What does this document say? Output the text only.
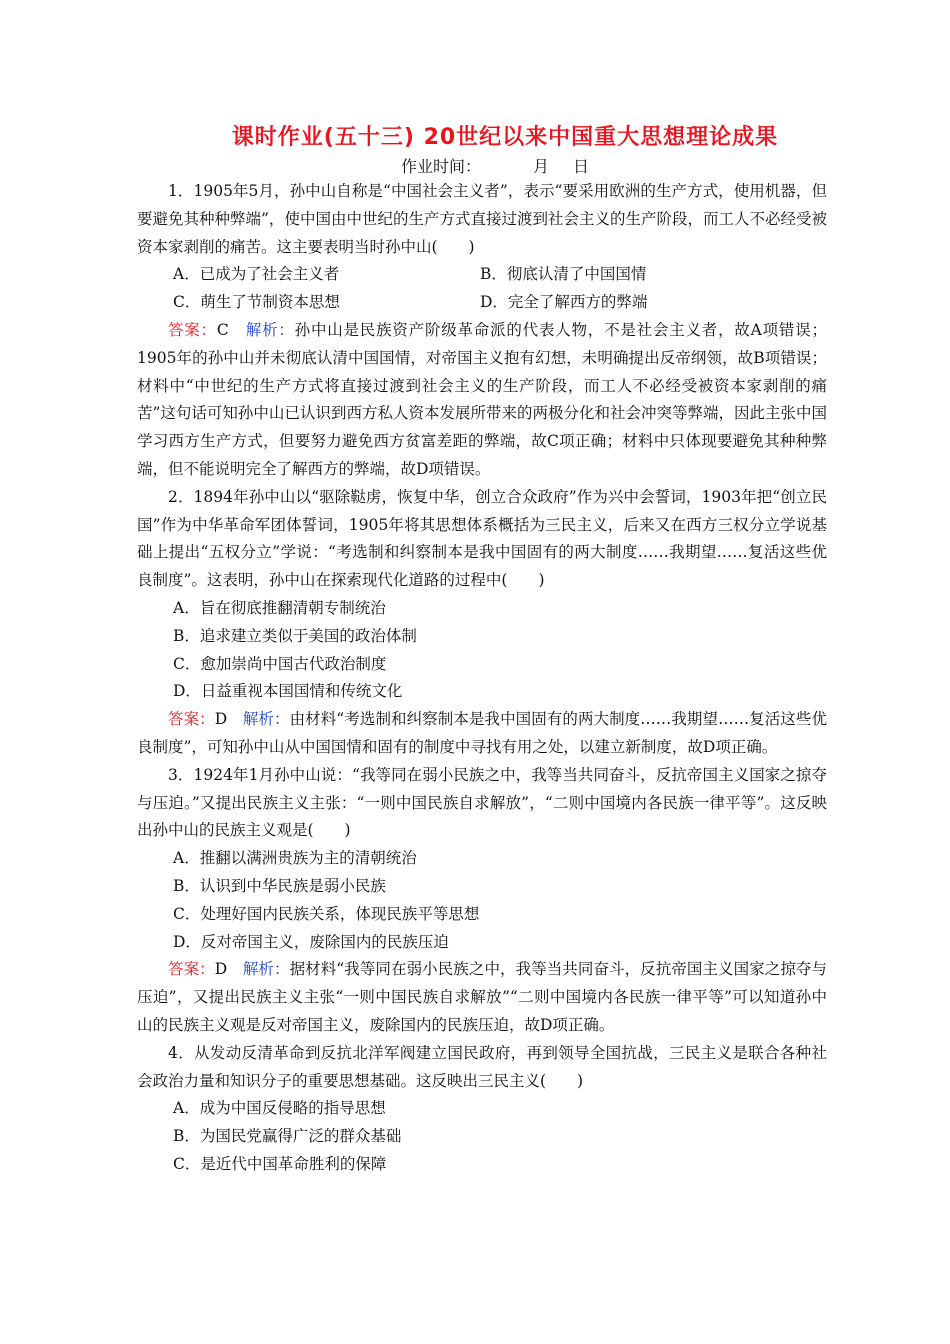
课时作业(五十三) 20世纪以来中国重大思想理论成果
作业时间：	月 日

1．1905年5月，孙中山自称是“中国社会主义者”，表示“要采用欧洲的生产方式，使用机器，但要避免其种种弊端”，使中国由中世纪的生产方式直接过渡到社会主义的生产阶段，而工人不必经受被资本家剥削的痛苦。这主要表明当时孙中山(　　)

A．已成为了社会主义者	B．彻底认清了中国国情
C．萌生了节制资本思想	D．完全了解西方的弊端

答案：C　 解析：孙中山是民族资产阶级革命派的代表人物，不是社会主义者，故A项错误；1905年的孙中山并未彻底认清中国国情，对帝国主义抱有幻想，未明确提出反帝纲领，故B项错误；材料中“中世纪的生产方式将直接过渡到社会主义的生产阶段，而工人不必经受被资本家剥削的痛苦”这句话可知孙中山已认识到西方私人资本发展所带来的两极分化和社会冲突等弊端，因此主张中国学习西方生产方式，但要努力避免西方贫富差距的弊端，故C项正确；材料中只体现要避免其种种弊端，但不能说明完全了解西方的弊端，故D项错误。

2．1894年孙中山以“驱除鞑虏，恢复中华，创立合众政府”作为兴中会誓词，1903年把“创立民国”作为中华革命军团体誓词，1905年将其思想体系概括为三民主义，后来又在西方三权分立学说基础上提出“五权分立”学说：“考选制和纠察制本是我中国固有的两大制度……我期望……复活这些优良制度”。这表明，孙中山在探索现代化道路的过程中(　　)

A．旨在彻底推翻清朝专制统治

B．追求建立类似于美国的政治体制

C．愈加崇尚中国古代政治制度

D．日益重视本国国情和传统文化

答案：D　 解析：由材料“考选制和纠察制本是我中国固有的两大制度……我期望……复活这些优良制度”，可知孙中山从中国国情和固有的制度中寻找有用之处，以建立新制度，故D项正确。

3．1924年1月孙中山说：“我等同在弱小民族之中，我等当共同奋斗，反抗帝国主义国家之掠夺与压迫。”又提出民族主义主张：“一则中国民族自求解放”，“二则中国境内各民族一律平等”。这反映出孙中山的民族主义观是(　　)

A．推翻以满洲贵族为主的清朝统治

B．认识到中华民族是弱小民族

C．处理好国内民族关系，体现民族平等思想

D．反对帝国主义，废除国内的民族压迫

答案：D　 解析：据材料“我等同在弱小民族之中，我等当共同奋斗，反抗帝国主义国家之掠夺与压迫”，又提出民族主义主张“一则中国民族自求解放”“二则中国境内各民族一律平等”可以知道孙中山的民族主义观是反对帝国主义，废除国内的民族压迫，故D项正确。

4．从发动反清革命到反抗北洋军阀建立国民政府，再到领导全国抗战，三民主义是联合各种社会政治力量和知识分子的重要思想基础。这反映出三民主义(　　)

A．成为中国反侵略的指导思想

B．为国民党赢得广泛的群众基础

C．是近代中国革命胜利的保障
